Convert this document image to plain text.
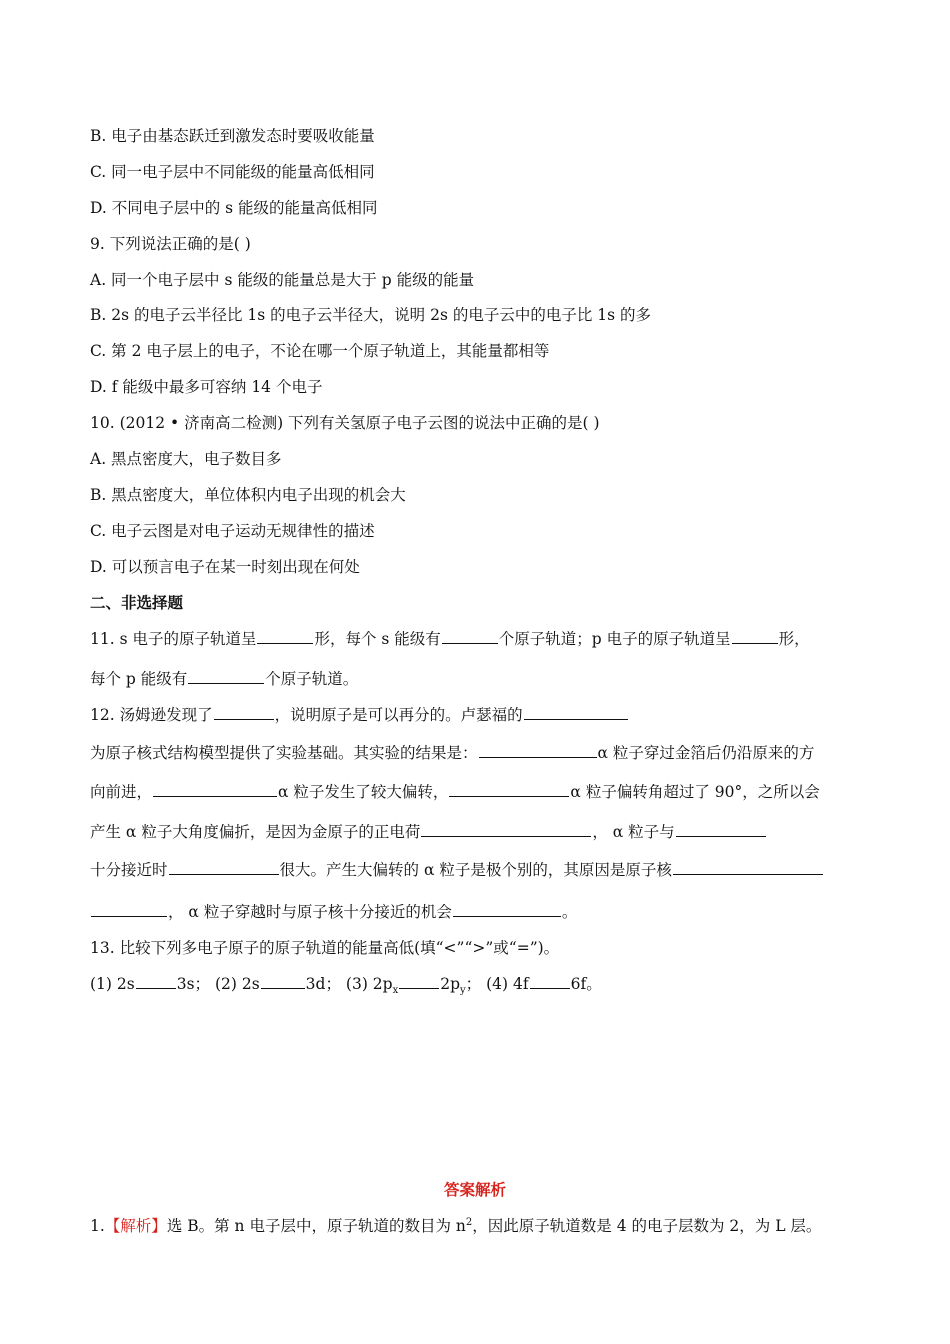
B. 电子由基态跃迁到激发态时要吸收能量
C. 同一电子层中不同能级的能量高低相同
D. 不同电子层中的 s 能级的能量高低相同
9. 下列说法正确的是( )
A. 同一个电子层中 s 能级的能量总是大于 p 能级的能量
B. 2s 的电子云半径比 1s 的电子云半径大，说明 2s 的电子云中的电子比 1s 的多
C. 第 2 电子层上的电子，不论在哪一个原子轨道上，其能量都相等
D. f 能级中最多可容纳 14 个电子
10. (2012 • 济南高二检测) 下列有关氢原子电子云图的说法中正确的是( )
A. 黑点密度大，电子数目多
B. 黑点密度大，单位体积内电子出现的机会大
C. 电子云图是对电子运动无规律性的描述
D. 可以预言电子在某一时刻出现在何处
二、非选择题
11. s 电子的原子轨道呈	形，每个 s 能级有	个原子轨道；p 电子的原子轨道呈	形，
每个 p 能级有	个原子轨道。
12. 汤姆逊发现了	，说明原子是可以再分的。卢瑟福的
为原子核式结构模型提供了实验基础。其实验的结果是：	α 粒子穿过金箔后仍沿原来的方
向前进，	α 粒子发生了较大偏转，	α 粒子偏转角超过了 90°，之所以会
产生 α 粒子大角度偏折，是因为金原子的正电荷	， α 粒子与
十分接近时	很大。产生大偏转的 α 粒子是极个别的，其原因是原子核
， α 粒子穿越时与原子核十分接近的机会	。
13. 比较下列多电子原子的原子轨道的能量高低(填“<”“>”或“=”)。
(1) 2s	3s； (2) 2s	3d； (3) $2p_x$	$2p_y$； (4) 4f	6f。
答案解析
1.【解析】选 B。第 n 电子层中，原子轨道的数目为 $n^2$，因此原子轨道数是 4 的电子层数为 2，为 L 层。
